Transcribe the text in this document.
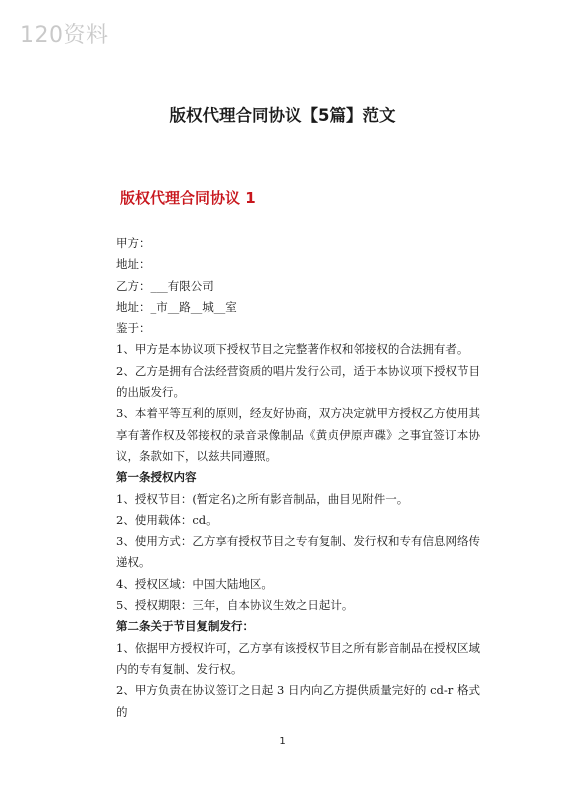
120资料
版权代理合同协议【5篇】范文
版权代理合同协议 1

甲方：

地址：

乙方：___有限公司

地址：_市__路__城__室

鉴于：

1、甲方是本协议项下授权节目之完整著作权和邻接权的合法拥有者。

2、乙方是拥有合法经营资质的唱片发行公司，适于本协议项下授权节目的出版发行。

3、本着平等互利的原则，经友好协商，双方决定就甲方授权乙方使用其享有著作权及邻接权的录音录像制品《黄贞伊原声碟》之事宜签订本协议，条款如下，以兹共同遵照。

第一条授权内容

1、授权节目：(暂定名)之所有影音制品，曲目见附件一。

2、使用载体：cd。

3、使用方式：乙方享有授权节目之专有复制、发行权和专有信息网络传递权。

4、授权区域：中国大陆地区。

5、授权期限：三年，自本协议生效之日起计。

第二条关于节目复制发行：

1、依据甲方授权许可，乙方享有该授权节目之所有影音制品在授权区域内的专有复制、发行权。

2、甲方负责在协议签订之日起 3 日内向乙方提供质量完好的 cd-r 格式的

1
